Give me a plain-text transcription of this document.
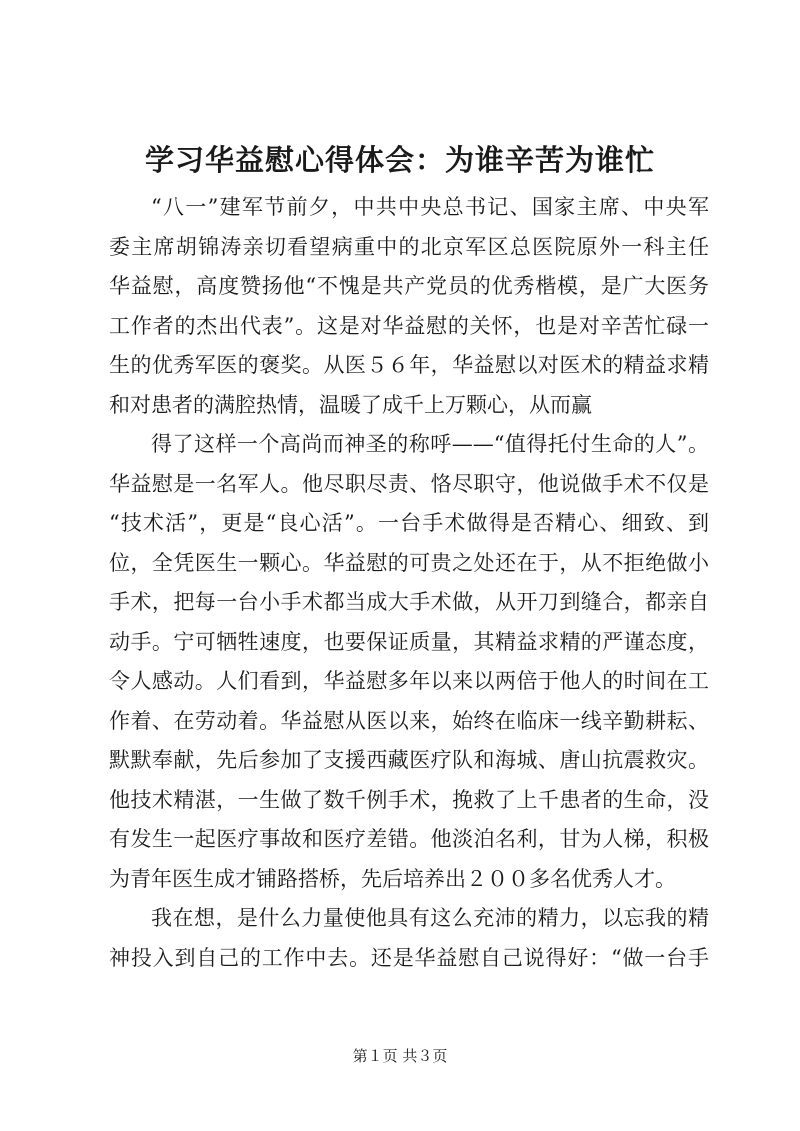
学习华益慰心得体会：为谁辛苦为谁忙
“八一”建军节前夕，中共中央总书记、国家主席、中央军
委主席胡锦涛亲切看望病重中的北京军区总医院原外一科主任
华益慰，高度赞扬他“不愧是共产党员的优秀楷模，是广大医务
工作者的杰出代表”。这是对华益慰的关怀，也是对辛苦忙碌一
生的优秀军医的褒奖。从医５６年，华益慰以对医术的精益求精
和对患者的满腔热情，温暖了成千上万颗心，从而赢
得了这样一个高尚而神圣的称呼——“值得托付生命的人”。
华益慰是一名军人。他尽职尽责、恪尽职守，他说做手术不仅是
“技术活”，更是“良心活”。一台手术做得是否精心、细致、到
位，全凭医生一颗心。华益慰的可贵之处还在于，从不拒绝做小
手术，把每一台小手术都当成大手术做，从开刀到缝合，都亲自
动手。宁可牺牲速度，也要保证质量，其精益求精的严谨态度，
令人感动。人们看到，华益慰多年以来以两倍于他人的时间在工
作着、在劳动着。华益慰从医以来，始终在临床一线辛勤耕耘、
默默奉献，先后参加了支援西藏医疗队和海城、唐山抗震救灾。
他技术精湛，一生做了数千例手术，挽救了上千患者的生命，没
有发生一起医疗事故和医疗差错。他淡泊名利，甘为人梯，积极
为青年医生成才铺路搭桥，先后培养出２００多名优秀人才。
我在想，是什么力量使他具有这么充沛的精力，以忘我的精
神投入到自己的工作中去。还是华益慰自己说得好：“做一台手
第１页 共３页
